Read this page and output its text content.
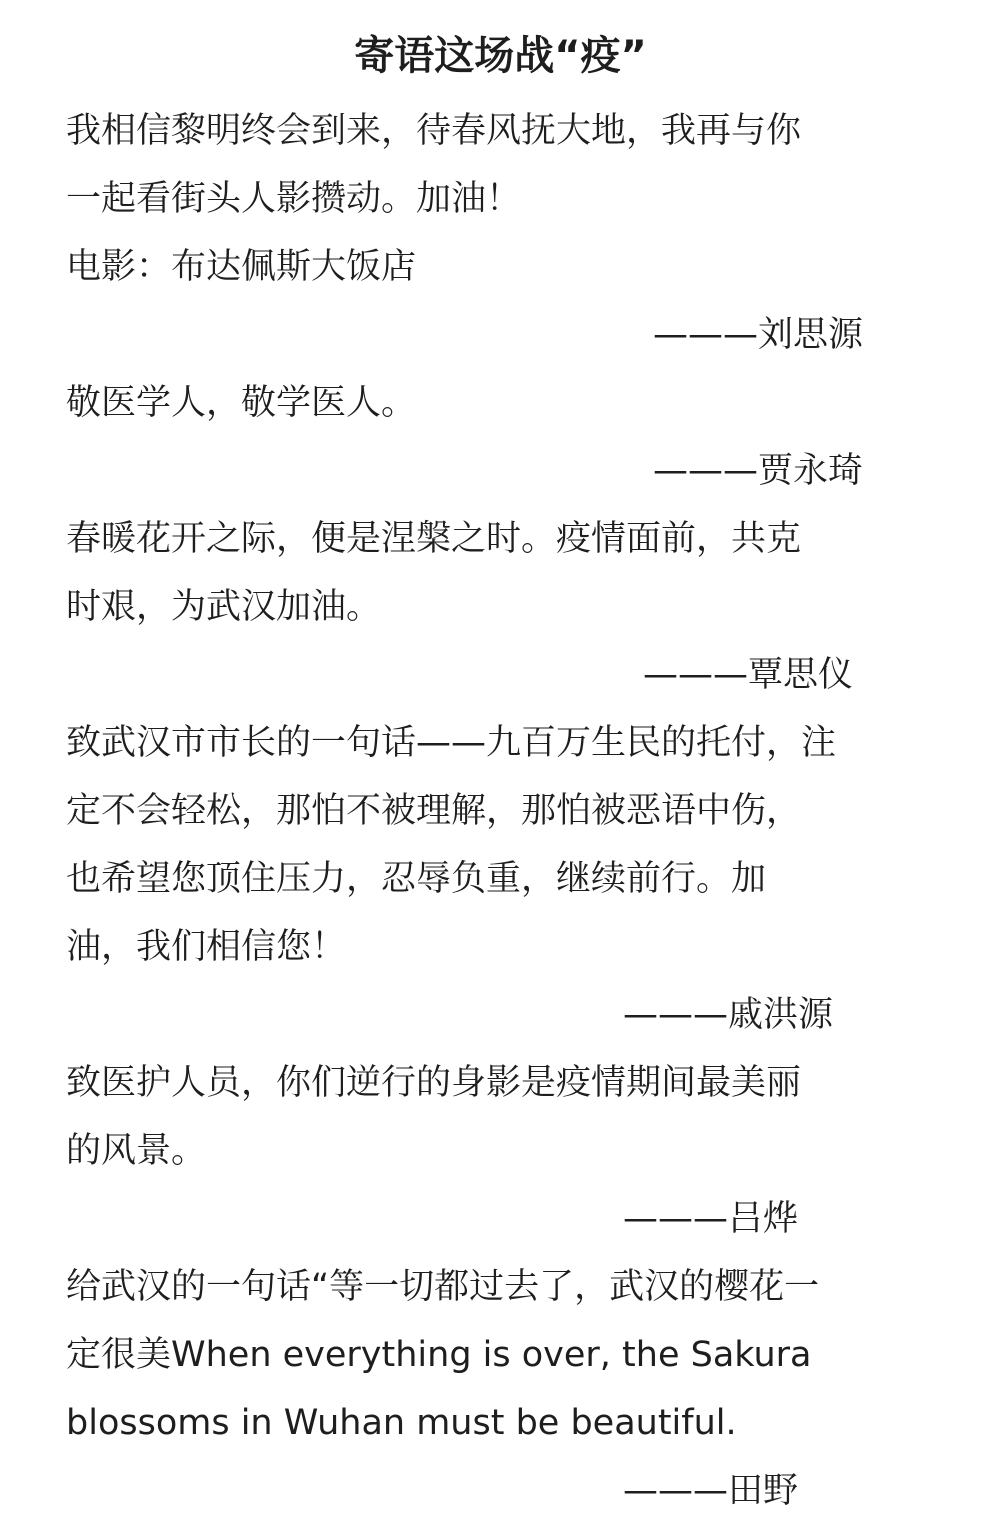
寄语这场战“疫”
我相信黎明终会到来，待春风抚大地，我再与你
一起看街头人影攒动。加油！
电影：布达佩斯大饭店
———刘思源
敬医学人，敬学医人。
———贾永琦
春暖花开之际，便是涅槃之时。疫情面前，共克
时艰，为武汉加油。
———覃思仪
致武汉市市长的一句话——九百万生民的托付，注
定不会轻松，那怕不被理解，那怕被恶语中伤，
也希望您顶住压力，忍辱负重，继续前行。加
油，我们相信您！
———戚洪源
致医护人员，你们逆行的身影是疫情期间最美丽
的风景。
———吕烨
给武汉的一句话“等一切都过去了，武汉的樱花一
定很美When everything is over, the Sakura
blossoms in Wuhan must be beautiful.
———田野
